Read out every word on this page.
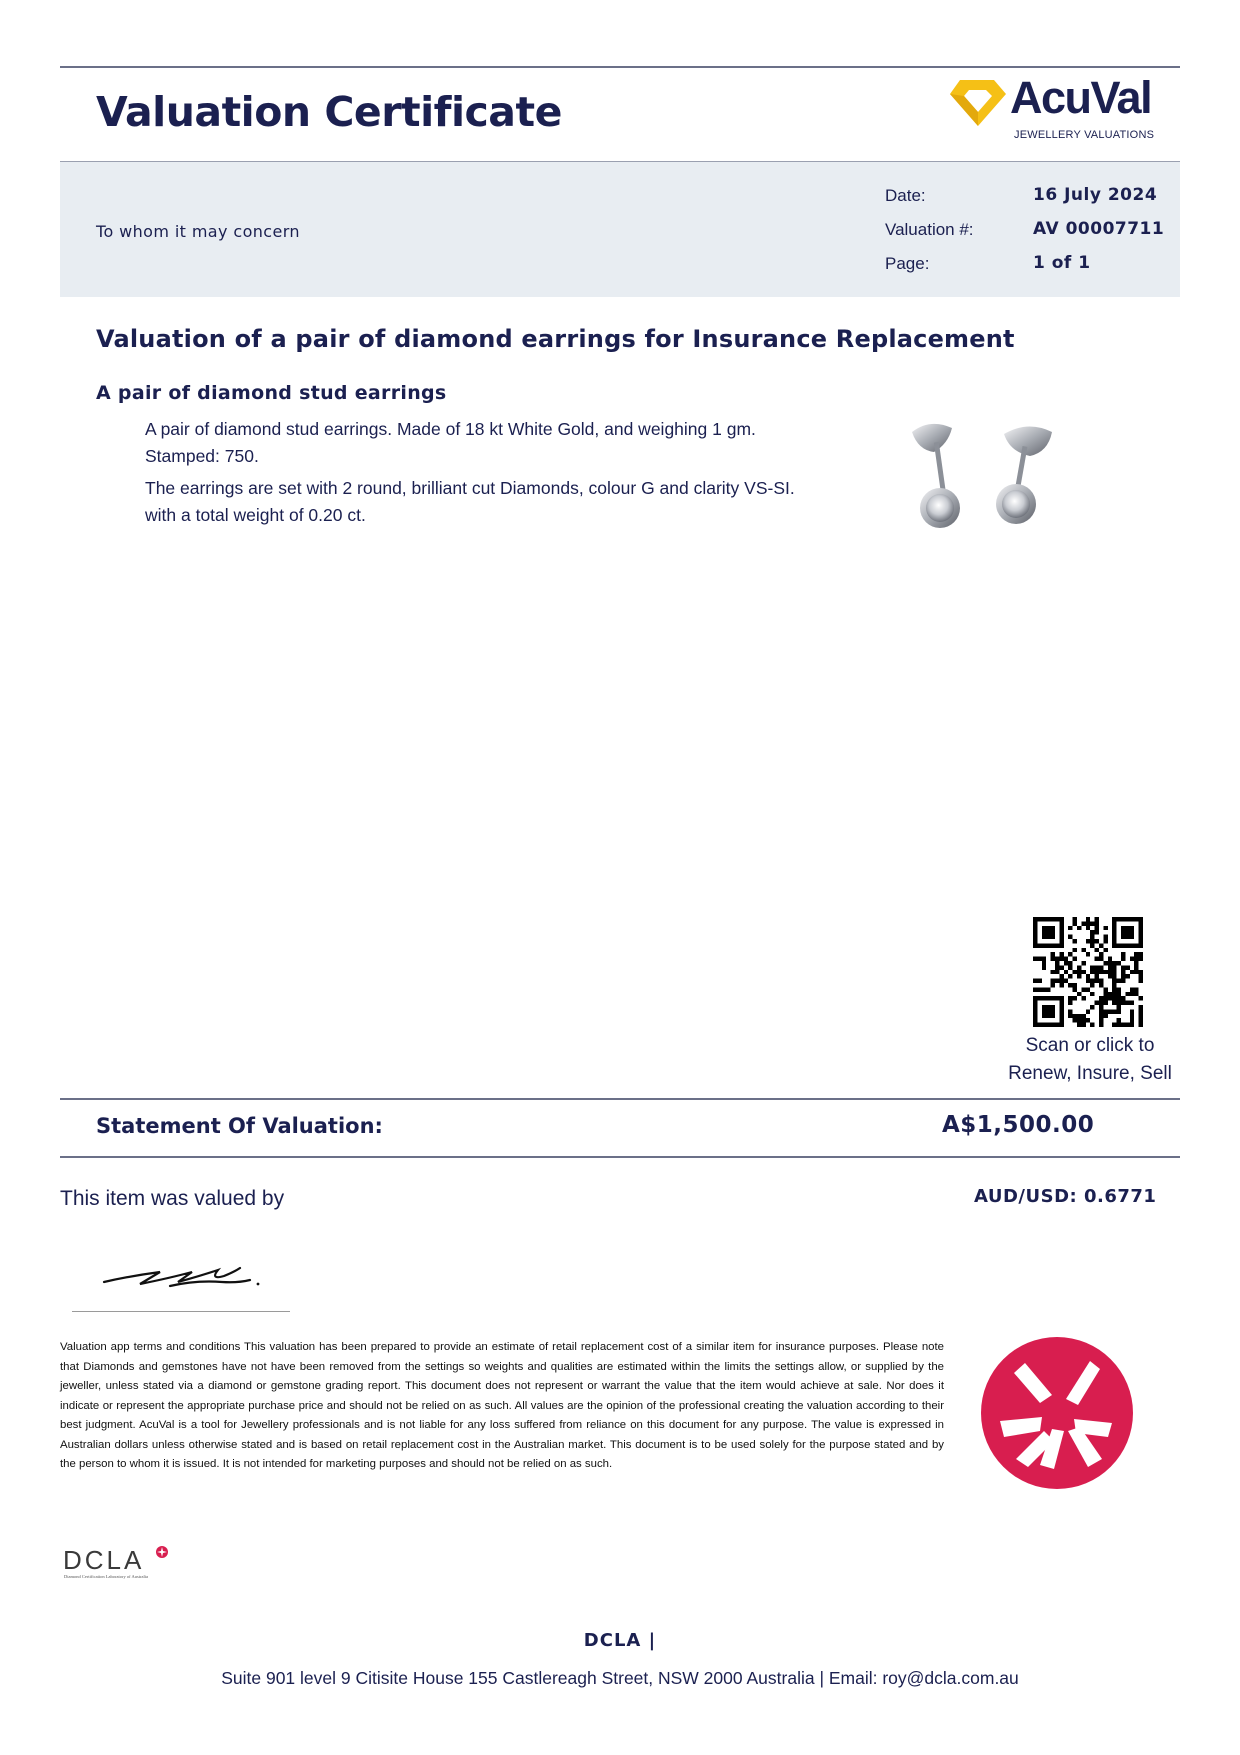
Valuation Certificate	AcuVal
JEWELLERY VALUATIONS
To whom it may concern
Date:	16 July 2024
Valuation #:	AV 00007711
Page:	1 of 1
Valuation of a pair of diamond earrings for Insurance Replacement
A pair of diamond stud earrings
A pair of diamond stud earrings. Made of 18 kt White Gold, and weighing 1 gm. Stamped: 750.
The earrings are set with 2 round, brilliant cut Diamonds, colour G and clarity VS-SI. with a total weight of 0.20 ct.
Scan or click to
Renew, Insure, Sell
Statement Of Valuation:	A$1,500.00
This item was valued by	AUD/USD: 0.6771
Valuation app terms and conditions This valuation has been prepared to provide an estimate of retail replacement cost of a similar item for insurance purposes. Please note that Diamonds and gemstones have not have been removed from the settings so weights and qualities are estimated within the limits the settings allow, or supplied by the jeweller, unless stated via a diamond or gemstone grading report. This document does not represent or warrant the value that the item would achieve at sale. Nor does it indicate or represent the appropriate purchase price and should not be relied on as such. All values are the opinion of the professional creating the valuation according to their best judgment. AcuVal is a tool for Jewellery professionals and is not liable for any loss suffered from reliance on this document for any purpose. The value is expressed in Australian dollars unless otherwise stated and is based on retail replacement cost in the Australian market. This document is to be used solely for the purpose stated and by the person to whom it is issued. It is not intended for marketing purposes and should not be relied on as such.
DCLA
Diamond Certification Laboratory of Australia
DCLA |
Suite 901 level 9 Citisite House 155 Castlereagh Street, NSW 2000 Australia | Email: roy@dcla.com.au
